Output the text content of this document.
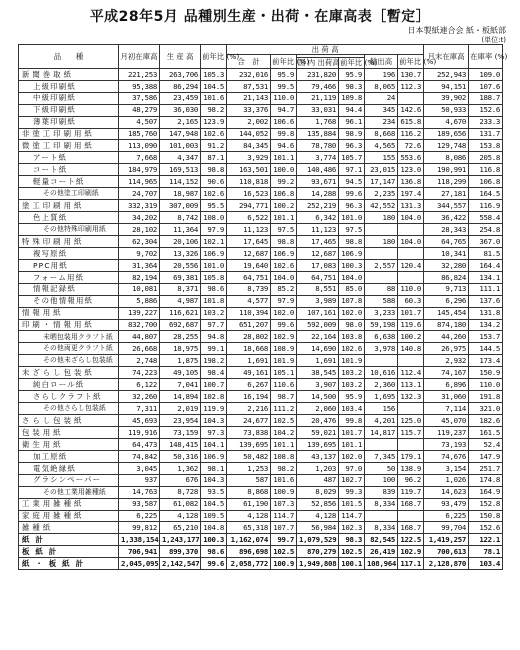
平成28年5月 品種別生産・出荷・在庫高表［暫定］
日本製紙連合会 紙・板紙部
(単位:t)
品　　種	月初在庫高	生 産 高	前年比 (%)	出 荷 高						月末在庫高	在庫率 (%)
				合　計	前年比 (%)			輸出高	前年比 (%)		
						国 内 出荷高	前年比 (%)				
新聞巻取紙	221,253	263,706	105.3	232,016	95.9	231,820	95.9	196	130.7	252,943	109.0
上級印刷紙	95,388	86,294	104.5	87,531	99.5	79,466	98.3	8,065	112.3	94,151	107.6
中級印刷紙	37,586	23,459	101.6	21,143	110.0	21,119	109.8	24		39,902	188.7
下級印刷紙	48,279	36,030	98.2	33,376	94.7	33,031	94.4	345	142.6	50,933	152.6
薄葉印刷紙	4,507	2,165	123.9	2,002	106.6	1,768	96.1	234	615.8	4,670	233.3
非塗工印刷用紙	185,760	147,948	102.6	144,052	99.8	135,884	98.9	8,668	116.2	189,656	131.7
微塗工印刷用紙	113,090	101,003	91.2	84,345	94.6	78,780	96.3	4,565	72.6	129,748	153.8
アート紙	7,668	4,347	87.1	3,929	101.1	3,774	105.7	155	553.6	8,086	205.8
コート紙	184,979	169,513	98.8	163,501	100.0	140,486	97.1	23,015	123.0	190,991	116.8
軽量コート紙	114,965	114,152	90.6	110,818	99.2	93,671	94.5	17,147	136.8	118,299	106.8
その他塗工印刷紙	24,707	18,987	102.6	16,523	106.8	14,288	99.6	2,235	197.4	27,181	164.5
塗工印刷用紙	332,319	307,009	95.5	294,771	100.2	252,219	96.3	42,552	131.3	344,557	116.9
色上質紙	34,202	8,742	108.0	6,522	101.1	6,342	101.0	180	104.0	36,422	558.4
その他特殊印刷用紙	28,102	11,364	97.9	11,123	97.5	11,123	97.5			28,343	254.8
特殊印刷用紙	62,304	20,106	102.1	17,645	98.8	17,465	98.8	180	104.0	64,765	367.0
複写原紙	9,702	13,326	106.9	12,687	106.9	12,687	106.9			10,341	81.5
PPC用紙	31,364	20,556	101.0	19,640	102.6	17,083	100.3	2,557	120.4	32,280	164.4
フォーム用紙	82,194	69,381	105.8	64,751	104.0	64,751	104.0			86,824	134.1
情報記録紙	10,081	8,371	98.6	8,739	85.2	8,551	85.0	88	110.0	9,713	111.1
その他情報用紙	5,886	4,987	101.8	4,577	97.9	3,989	107.8	588	60.3	6,296	137.6
情報用紙	139,227	116,621	103.2	110,394	102.0	107,161	102.0	3,233	101.7	145,454	131.8
印刷・情報用紙	832,700	692,687	97.7	651,207	99.6	592,009	98.0	59,198	119.6	874,180	134.2
未晒包装用クラフト紙	44,807	28,255	94.8	28,802	102.9	22,164	103.8	6,638	100.2	44,260	153.7
その他両更クラフト紙	26,668	18,975	99.1	18,668	108.9	14,690	102.6	3,978	140.8	26,975	144.5
その他未ざらし包装紙	2,748	1,875	198.2	1,691	101.9	1,691	101.9			2,932	173.4
未ざらし包装紙	74,223	49,105	98.4	49,161	105.1	38,545	103.2	10,616	112.4	74,167	150.9
純白ロール紙	6,122	7,041	100.7	6,267	110.6	3,907	103.2	2,360	113.1	6,896	110.0
さらしクラフト紙	32,260	14,894	102.8	16,194	98.7	14,500	95.9	1,695	132.3	31,060	191.8
その他さらし包装紙	7,311	2,019	119.9	2,216	111.2	2,060	103.4	156		7,114	321.0
さらし包装紙	45,693	23,954	104.3	24,677	102.5	20,476	99.8	4,201	125.0	45,070	182.6
包装用紙	119,916	73,159	97.3	73,838	104.2	59,021	101.7	14,817	115.7	119,237	161.5
衛生用紙	64,473	148,415	104.1	139,695	101.1	139,695	101.1			73,193	52.4
加工原紙	74,842	50,316	106.9	50,482	108.8	43,137	102.0	7,345	179.1	74,676	147.9
電気絶縁紙	3,045	1,362	98.1	1,253	98.2	1,203	97.0	50	138.9	3,154	251.7
グラシンペーパー	937	676	104.3	587	101.6	487	102.7	100	96.2	1,026	174.8
その他工業用雑種紙	14,763	8,728	93.5	8,868	100.9	8,029	99.3	839	119.7	14,623	164.9
工業用雑種紙	93,587	61,082	104.5	61,190	107.3	52,856	101.5	8,334	168.7	93,479	152.8
家庭用雑種紙	6,225	4,128	109.5	4,128	114.7	4,128	114.7			6,225	150.8
雑種紙	99,812	65,210	104.8	65,318	107.7	56,984	102.3	8,334	168.7	99,704	152.6
紙計	1,338,154	1,243,177	100.3	1,162,074	99.7	1,079,529	98.3	82,545	122.5	1,419,257	122.1
板紙計	706,941	899,370	98.6	896,698	102.5	870,279	102.5	26,419	102.9	700,613	78.1
紙・板紙計	2,045,095	2,142,547	99.6	2,058,772	100.9	1,949,808	100.1	108,964	117.1	2,128,870	103.4
